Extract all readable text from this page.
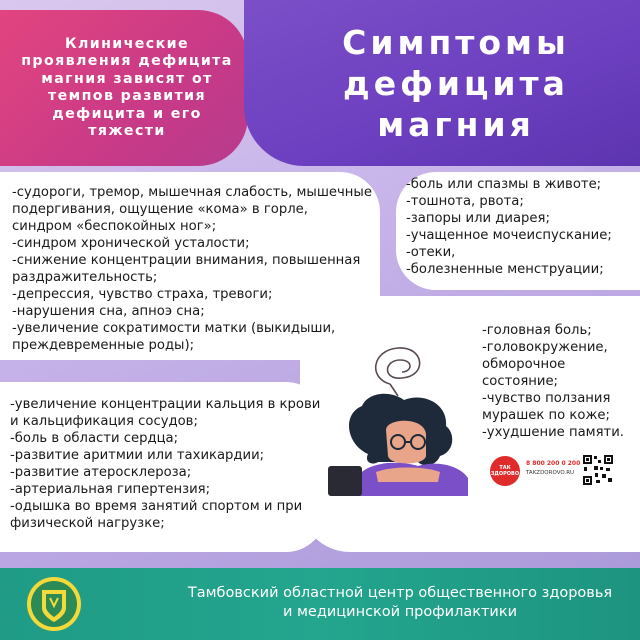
Клинические
проявления дефицита
магния зависят от
темпов развития
дефицита и его
тяжести
Симптомы
дефицита
магния
-судороги, тремор, мышечная слабость, мышечные подергивания, ощущение «кома» в горле, синдром «беспокойных ног»;
-синдром хронической усталости;
-снижение концентрации внимания, повышенная раздражительность;
-депрессия, чувство страха, тревоги;
-нарушения сна, апноэ сна;
-увеличение сократимости матки (выкидыши, преждевременные роды);
-боль или спазмы в животе;
-тошнота, рвота;
-запоры или диарея;
-учащенное мочеиспускание;
-отеки,
-болезненные менструации;
-головная боль;
-головокружение, обморочное состояние;
-чувство ползания мурашек по коже;
-ухудшение памяти.
-увеличение концентрации кальция в крови и кальцификация сосудов;
-боль в области сердца;
-развитие аритмии или тахикардии;
-развитие атеросклероза;
-артериальная гипертензия;
-одышка во время занятий спортом и при физической нагрузке;
ТАК ЗДОРОВО
8 800 200 0 200
TAKZDOROVO.RU
Тамбовский областной центр общественного здоровья
и медицинской профилактики
